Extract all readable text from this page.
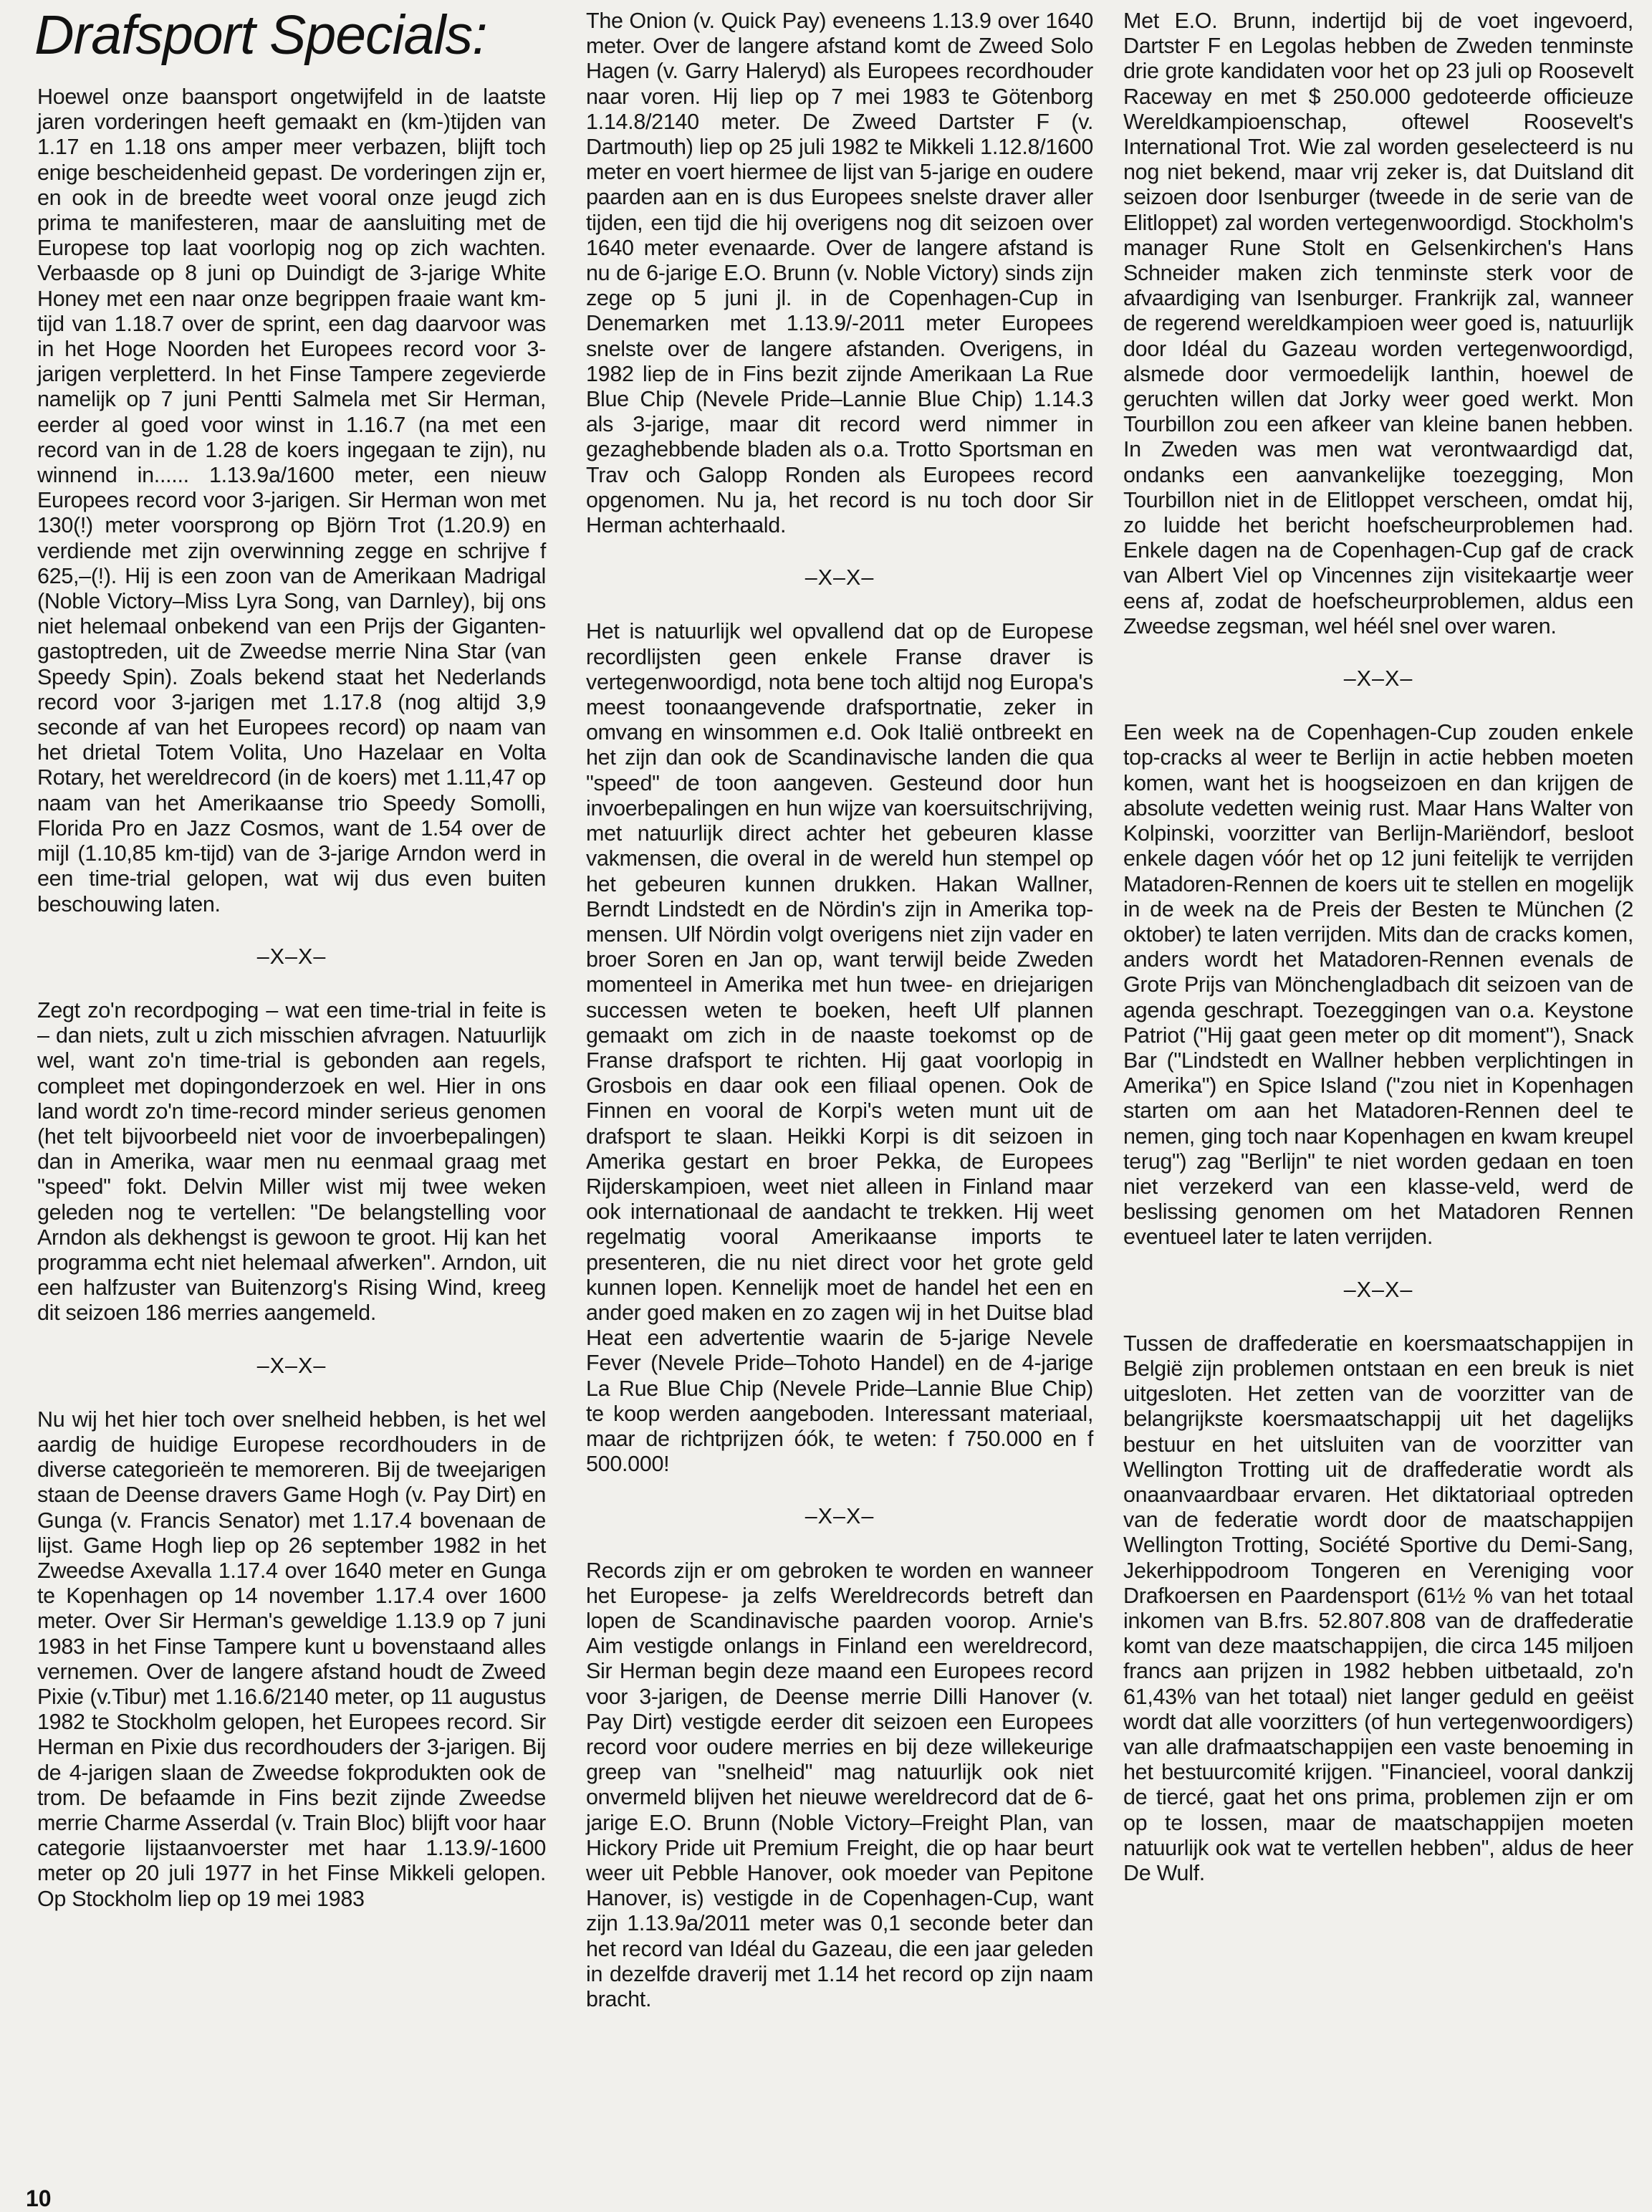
Drafsport Specials:

Hoewel onze baansport ongetwijfeld in de laatste jaren vorderingen heeft gemaakt en (km-)tijden van 1.17 en 1.18 ons amper meer verbazen, blijft toch enige bescheidenheid gepast. De vorderingen zijn er, en ook in de breedte weet vooral onze jeugd zich prima te manifesteren, maar de aansluiting met de Europese top laat voorlopig nog op zich wachten. Verbaasde op 8 juni op Duindigt de 3-jarige White Honey met een naar onze begrippen fraaie want km-tijd van 1.18.7 over de sprint, een dag daarvoor was in het Hoge Noorden het Europees record voor 3-jarigen verpletterd. In het Finse Tampere zegevierde namelijk op 7 juni Pentti Salmela met Sir Herman, eerder al goed voor winst in 1.16.7 (na met een record van in de 1.28 de koers ingegaan te zijn), nu winnend in...... 1.13.9a/1600 meter, een nieuw Europees record voor 3-jarigen. Sir Herman won met 130(!) meter voorsprong op Björn Trot (1.20.9) en verdiende met zijn overwinning zegge en schrijve f 625,–(!). Hij is een zoon van de Amerikaan Madrigal (Noble Victory–Miss Lyra Song, van Darnley), bij ons niet helemaal onbekend van een Prijs der Giganten-gastoptreden, uit de Zweedse merrie Nina Star (van Speedy Spin). Zoals bekend staat het Nederlands record voor 3-jarigen met 1.17.8 (nog altijd 3,9 seconde af van het Europees record) op naam van het drietal Totem Volita, Uno Hazelaar en Volta Rotary, het wereldrecord (in de koers) met 1.11,47 op naam van het Amerikaanse trio Speedy Somolli, Florida Pro en Jazz Cosmos, want de 1.54 over de mijl (1.10,85 km-tijd) van de 3-jarige Arndon werd in een time-trial gelopen, wat wij dus even buiten beschouwing laten.

–X–X–

Zegt zo'n recordpoging – wat een time-trial in feite is – dan niets, zult u zich misschien afvragen. Natuurlijk wel, want zo'n time-trial is gebonden aan regels, compleet met dopingonderzoek en wel. Hier in ons land wordt zo'n time-record minder serieus genomen (het telt bijvoorbeeld niet voor de invoerbepalingen) dan in Amerika, waar men nu eenmaal graag met "speed" fokt. Delvin Miller wist mij twee weken geleden nog te vertellen: "De belangstelling voor Arndon als dekhengst is gewoon te groot. Hij kan het programma echt niet helemaal afwerken". Arndon, uit een halfzuster van Buitenzorg's Rising Wind, kreeg dit seizoen 186 merries aangemeld.

–X–X–

Nu wij het hier toch over snelheid hebben, is het wel aardig de huidige Europese recordhouders in de diverse categorieën te memoreren. Bij de tweejarigen staan de Deense dravers Game Hogh (v. Pay Dirt) en Gunga (v. Francis Senator) met 1.17.4 bovenaan de lijst. Game Hogh liep op 26 september 1982 in het Zweedse Axevalla 1.17.4 over 1640 meter en Gunga te Kopenhagen op 14 november 1.17.4 over 1600 meter. Over Sir Herman's geweldige 1.13.9 op 7 juni 1983 in het Finse Tampere kunt u bovenstaand alles vernemen. Over de langere afstand houdt de Zweed Pixie (v.Tibur) met 1.16.6/2140 meter, op 11 augustus 1982 te Stockholm gelopen, het Europees record. Sir Herman en Pixie dus recordhouders der 3-jarigen. Bij de 4-jarigen slaan de Zweedse fokprodukten ook de trom. De befaamde in Fins bezit zijnde Zweedse merrie Charme Asserdal (v. Train Bloc) blijft voor haar categorie lijstaanvoerster met haar 1.13.9/-1600 meter op 20 juli 1977 in het Finse Mikkeli gelopen. Op Stockholm liep op 19 mei 1983

The Onion (v. Quick Pay) eveneens 1.13.9 over 1640 meter. Over de langere afstand komt de Zweed Solo Hagen (v. Garry Haleryd) als Europees recordhouder naar voren. Hij liep op 7 mei 1983 te Götenborg 1.14.8/2140 meter. De Zweed Dartster F (v. Dartmouth) liep op 25 juli 1982 te Mikkeli 1.12.8/1600 meter en voert hiermee de lijst van 5-jarige en oudere paarden aan en is dus Europees snelste draver aller tijden, een tijd die hij overigens nog dit seizoen over 1640 meter evenaarde. Over de langere afstand is nu de 6-jarige E.O. Brunn (v. Noble Victory) sinds zijn zege op 5 juni jl. in de Copenhagen-Cup in Denemarken met 1.13.9/-2011 meter Europees snelste over de langere afstanden. Overigens, in 1982 liep de in Fins bezit zijnde Amerikaan La Rue Blue Chip (Nevele Pride–Lannie Blue Chip) 1.14.3 als 3-jarige, maar dit record werd nimmer in gezaghebbende bladen als o.a. Trotto Sportsman en Trav och Galopp Ronden als Europees record opgenomen. Nu ja, het record is nu toch door Sir Herman achterhaald.

–X–X–

Het is natuurlijk wel opvallend dat op de Europese recordlijsten geen enkele Franse draver is vertegenwoordigd, nota bene toch altijd nog Europa's meest toonaangevende drafsportnatie, zeker in omvang en winsommen e.d. Ook Italië ontbreekt en het zijn dan ook de Scandinavische landen die qua "speed" de toon aangeven. Gesteund door hun invoerbepalingen en hun wijze van koersuitschrijving, met natuurlijk direct achter het gebeuren klasse vakmensen, die overal in de wereld hun stempel op het gebeuren kunnen drukken. Hakan Wallner, Berndt Lindstedt en de Nördin's zijn in Amerika top-mensen. Ulf Nördin volgt overigens niet zijn vader en broer Soren en Jan op, want terwijl beide Zweden momenteel in Amerika met hun twee- en driejarigen successen weten te boeken, heeft Ulf plannen gemaakt om zich in de naaste toekomst op de Franse drafsport te richten. Hij gaat voorlopig in Grosbois en daar ook een filiaal openen. Ook de Finnen en vooral de Korpi's weten munt uit de drafsport te slaan. Heikki Korpi is dit seizoen in Amerika gestart en broer Pekka, de Europees Rijderskampioen, weet niet alleen in Finland maar ook internationaal de aandacht te trekken. Hij weet regelmatig vooral Amerikaanse imports te presenteren, die nu niet direct voor het grote geld kunnen lopen. Kennelijk moet de handel het een en ander goed maken en zo zagen wij in het Duitse blad Heat een advertentie waarin de 5-jarige Nevele Fever (Nevele Pride–Tohoto Handel) en de 4-jarige La Rue Blue Chip (Nevele Pride–Lannie Blue Chip) te koop werden aangeboden. Interessant materiaal, maar de richtprijzen óók, te weten: f 750.000 en f 500.000!

–X–X–

Records zijn er om gebroken te worden en wanneer het Europese- ja zelfs Wereldrecords betreft dan lopen de Scandinavische paarden voorop. Arnie's Aim vestigde onlangs in Finland een wereldrecord, Sir Herman begin deze maand een Europees record voor 3-jarigen, de Deense merrie Dilli Hanover (v. Pay Dirt) vestigde eerder dit seizoen een Europees record voor oudere merries en bij deze willekeurige greep van "snelheid" mag natuurlijk ook niet onvermeld blijven het nieuwe wereldrecord dat de 6-jarige E.O. Brunn (Noble Victory–Freight Plan, van Hickory Pride uit Premium Freight, die op haar beurt weer uit Pebble Hanover, ook moeder van Pepitone Hanover, is) vestigde in de Copenhagen-Cup, want zijn 1.13.9a/2011 meter was 0,1 seconde beter dan het record van Idéal du Gazeau, die een jaar geleden in dezelfde draverij met 1.14 het record op zijn naam bracht.

Met E.O. Brunn, indertijd bij de voet ingevoerd, Dartster F en Legolas hebben de Zweden tenminste drie grote kandidaten voor het op 23 juli op Roosevelt Raceway en met $ 250.000 gedoteerde officieuze Wereldkampioenschap, oftewel Roosevelt's International Trot. Wie zal worden geselecteerd is nu nog niet bekend, maar vrij zeker is, dat Duitsland dit seizoen door Isenburger (tweede in de serie van de Elitloppet) zal worden vertegenwoordigd. Stockholm's manager Rune Stolt en Gelsenkirchen's Hans Schneider maken zich tenminste sterk voor de afvaardiging van Isenburger. Frankrijk zal, wanneer de regerend wereldkampioen weer goed is, natuurlijk door Idéal du Gazeau worden vertegenwoordigd, alsmede door vermoedelijk Ianthin, hoewel de geruchten willen dat Jorky weer goed werkt. Mon Tourbillon zou een afkeer van kleine banen hebben. In Zweden was men wat verontwaardigd dat, ondanks een aanvankelijke toezegging, Mon Tourbillon niet in de Elitloppet verscheen, omdat hij, zo luidde het bericht hoefscheurproblemen had. Enkele dagen na de Copenhagen-Cup gaf de crack van Albert Viel op Vincennes zijn visitekaartje weer eens af, zodat de hoefscheurproblemen, aldus een Zweedse zegsman, wel héél snel over waren.

–X–X–

Een week na de Copenhagen-Cup zouden enkele top-cracks al weer te Berlijn in actie hebben moeten komen, want het is hoogseizoen en dan krijgen de absolute vedetten weinig rust. Maar Hans Walter von Kolpinski, voorzitter van Berlijn-Mariëndorf, besloot enkele dagen vóór het op 12 juni feitelijk te verrijden Matadoren-Rennen de koers uit te stellen en mogelijk in de week na de Preis der Besten te München (2 oktober) te laten verrijden. Mits dan de cracks komen, anders wordt het Matadoren-Rennen evenals de Grote Prijs van Mönchengladbach dit seizoen van de agenda geschrapt. Toezeggingen van o.a. Keystone Patriot ("Hij gaat geen meter op dit moment"), Snack Bar ("Lindstedt en Wallner hebben verplichtingen in Amerika") en Spice Island ("zou niet in Kopenhagen starten om aan het Matadoren-Rennen deel te nemen, ging toch naar Kopenhagen en kwam kreupel terug") zag "Berlijn" te niet worden gedaan en toen niet verzekerd van een klasse-veld, werd de beslissing genomen om het Matadoren Rennen eventueel later te laten verrijden.

–X–X–

Tussen de draffederatie en koersmaatschappijen in België zijn problemen ontstaan en een breuk is niet uitgesloten. Het zetten van de voorzitter van de belangrijkste koersmaatschappij uit het dagelijks bestuur en het uitsluiten van de voorzitter van Wellington Trotting uit de draffederatie wordt als onaanvaardbaar ervaren. Het diktatoriaal optreden van de federatie wordt door de maatschappijen Wellington Trotting, Société Sportive du Demi-Sang, Jekerhippodroom Tongeren en Vereniging voor Drafkoersen en Paardensport (61½ % van het totaal inkomen van B.frs. 52.807.808 van de draffederatie komt van deze maatschappijen, die circa 145 miljoen francs aan prijzen in 1982 hebben uitbetaald, zo'n 61,43% van het totaal) niet langer geduld en geëist wordt dat alle voorzitters (of hun vertegenwoordigers) van alle drafmaatschappijen een vaste benoeming in het bestuurcomité krijgen. "Financieel, vooral dankzij de tiercé, gaat het ons prima, problemen zijn er om op te lossen, maar de maatschappijen moeten natuurlijk ook wat te vertellen hebben", aldus de heer De Wulf.

10
